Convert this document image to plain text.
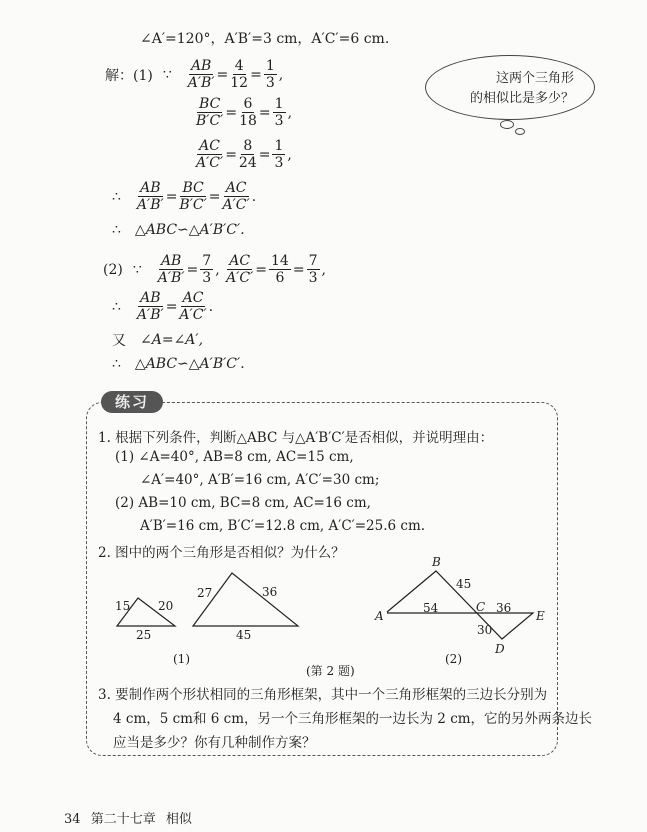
∠A′=120°，A′B′=3 cm，A′C′=6 cm.
解：(1) ∵ $\frac{AB}{A'B'} = \frac{4}{12} = \frac{1}{3}$ ,
$\frac{BC}{B'C'} = \frac{6}{18} = \frac{1}{3}$ ,
$\frac{AC}{A'C'} = \frac{8}{24} = \frac{1}{3}$ ,
∴ $\frac{AB}{A'B'} = \frac{BC}{B'C'} = \frac{AC}{A'C'}$ .
∴ △ABC∽△A′B′C′.
(2) ∵ $\frac{AB}{A'B'} = \frac{7}{3}$ , $\frac{AC}{A'C'} = \frac{14}{6} = \frac{7}{3}$ ,
∴ $\frac{AB}{A'B'} = \frac{AC}{A'C'}$ .
又 ∠A=∠A′,
∴ △ABC∽△A′B′C′.
这两个三角形
的相似比是多少？
练习
1. 根据下列条件，判断△ABC 与△A′B′C′是否相似，并说明理由：
(1) ∠A=40°, AB=8 cm, AC=15 cm,
∠A′=40°, A′B′=16 cm, A′C′=30 cm;
(2) AB=10 cm, BC=8 cm, AC=16 cm,
A′B′=16 cm, B′C′=12.8 cm, A′C′=25.6 cm.
2. 图中的两个三角形是否相似？为什么？
15 20
25
27	36
45
(1)
A
B
C
D
E
54
45
36
30
(2)
(第 2 题)
3. 要制作两个形状相同的三角形框架，其中一个三角形框架的三边长分别为
4 cm，5 cm和 6 cm，另一个三角形框架的一边长为 2 cm，它的另外两条边长
应当是多少？你有几种制作方案？
34 第二十七章 相似
